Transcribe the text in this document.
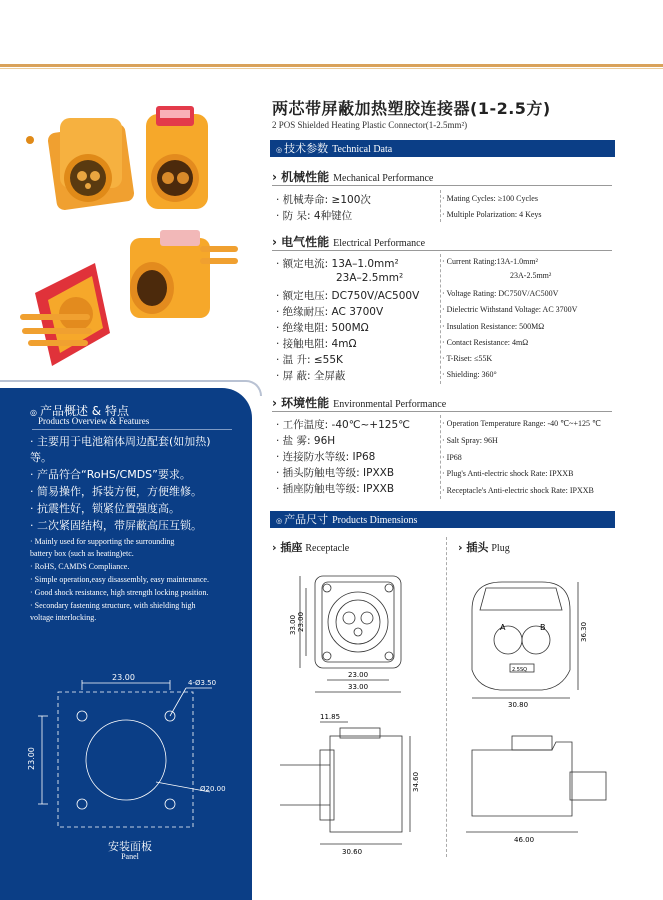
◎ 产品概述 & 特点
Products Overview & Features
· 主要用于电池箱体周边配套(如加热)
等。
· 产品符合“RoHS/CMDS”要求。
· 简易操作，拆装方便，方便维修。
· 抗震性好，锁紧位置强度高。
· 二次紧固结构，带屏蔽高压互锁。
· Mainly used for supporting the surrounding
battery box (such as heating)etc.
· RoHS, CAMDS Compliance.
· Simple operation,easy disassembly, easy maintenance.
· Good shock resistance, high strength locking position.
· Secondary fastening structure, with shielding high
voltage interlocking.
23.00
4-Ø3.50
Ø20.00
23.00
安装面板
Panel
两芯带屏蔽加热塑胶连接器(1-2.5方)
2 POS Shielded Heating Plastic Connector(1-2.5mm²)
◎ 技术参数 Technical Data
› 机械性能 Mechanical Performance
· 机械寿命: ≥100次
· 防 呆: 4种键位
· Mating Cycles: ≥100 Cycles
· Multiple Polarization: 4 Keys
› 电气性能 Electrical Performance
· 额定电流: 13A–1.0mm²
23A–2.5mm²
· 额定电压: DC750V/AC500V
· 绝缘耐压: AC 3700V
· 绝缘电阻: 500MΩ
· 接触电阻: 4mΩ
· 温 升: ≤55K
· 屏 蔽: 全屏蔽
· Current Rating:13A-1.0mm²
23A-2.5mm²
· Voltage Rating: DC750V/AC500V
· Dielectric Withstand Voltage: AC 3700V
· Insulation Resistance: 500MΩ
· Contact Resistance: 4mΩ
· T-Riset: ≤55K
· Shielding: 360°
› 环境性能 Environmental Performance
· 工作温度: -40℃~+125℃
· 盐 雾: 96H
· 连接防水等级: IP68
· 插头防触电等级: IPXXB
· 插座防触电等级: IPXXB
· Operation Temperature Range: -40 ℃~+125 ℃
· Salt Spray: 96H
· IP68
· Plug's Anti-electric shock Rate: IPXXB
· Receptacle's Anti-electric shock Rate: IPXXB
◎ 产品尺寸 Products Dimensions
› 插座 Receptacle	› 插头 Plug
33.00 23.00
23.00
33.00
11.85
34.60
30.60
A	B
2.5SQ
36.30
30.80
46.00
